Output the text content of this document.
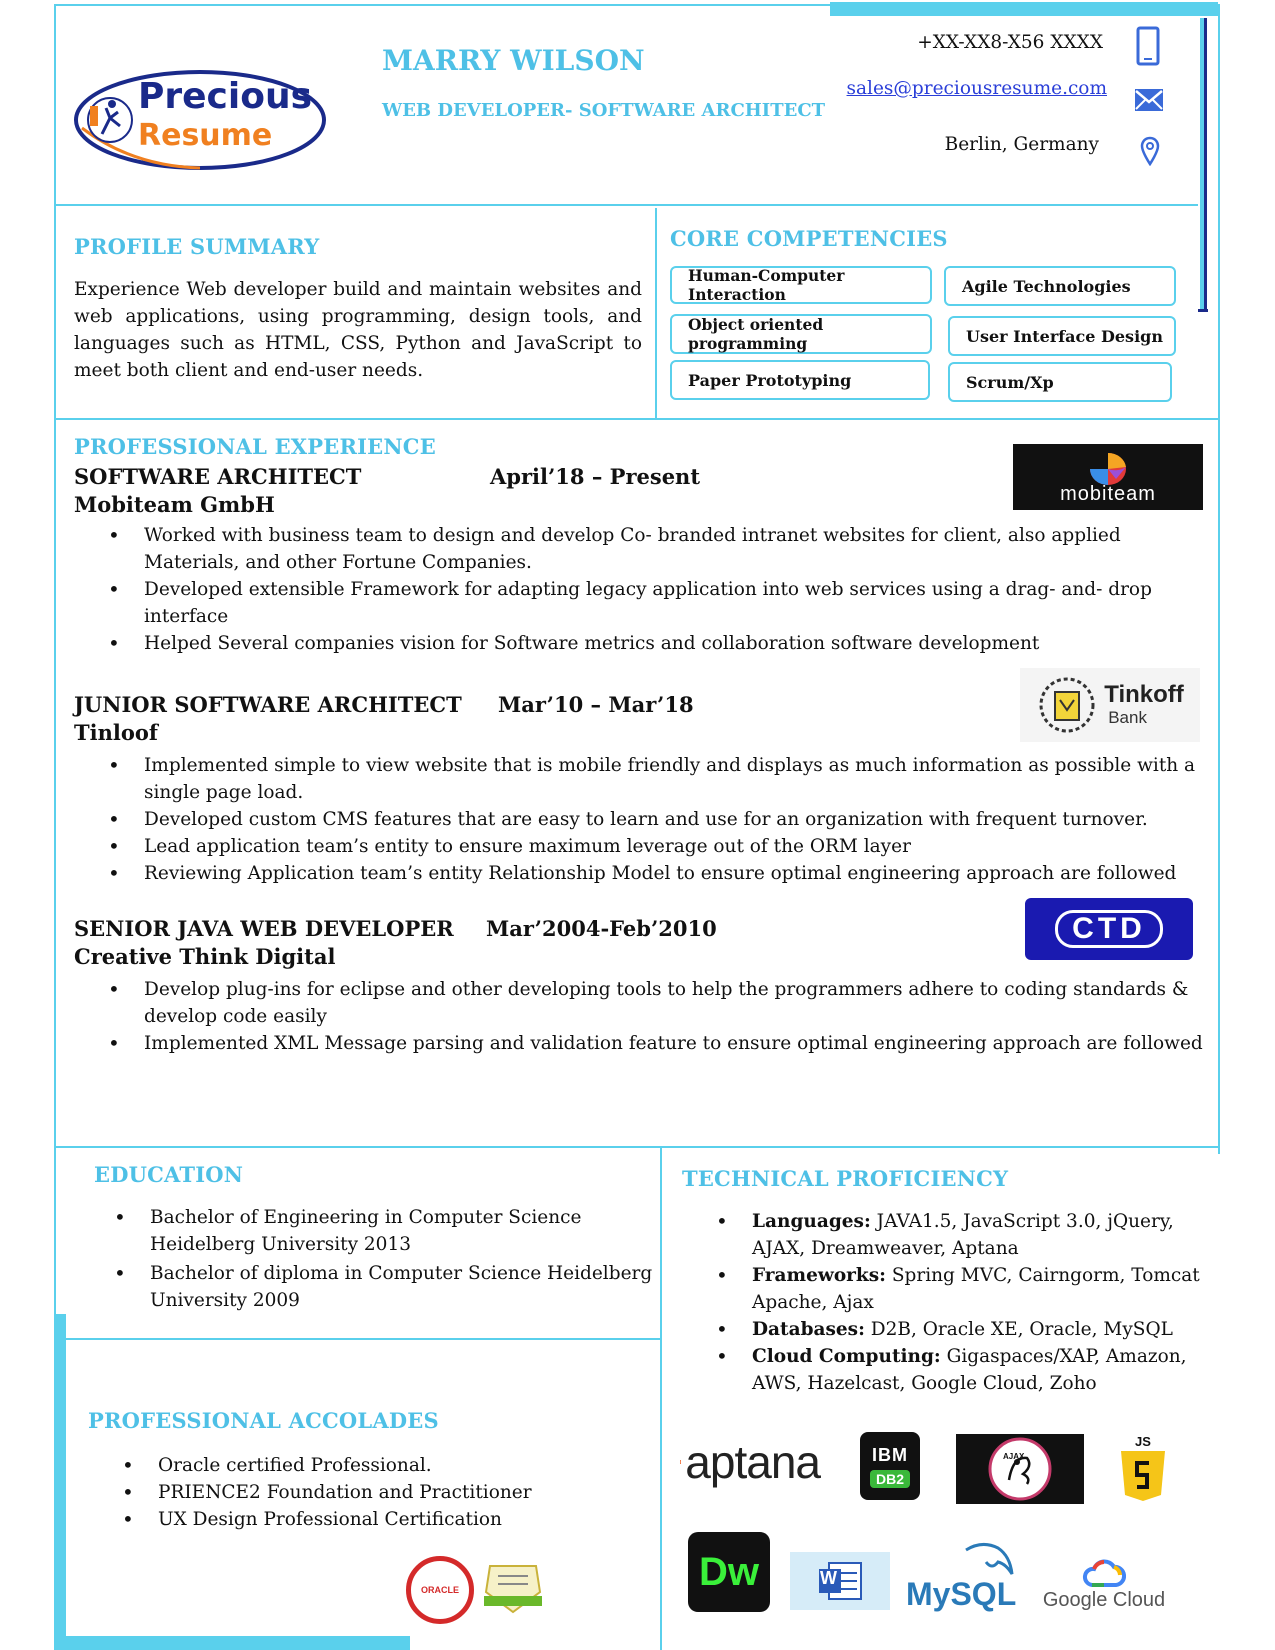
Precious
Resume
MARRY WILSON
WEB DEVELOPER- SOFTWARE ARCHITECT
+XX-XX8-X56 XXXX
sales@preciousresume.com
Berlin, Germany
PROFILE SUMMARY
Experience Web developer build and maintain websites and web applications, using programming, design tools, and languages such as HTML, CSS, Python and JavaScript to meet both client and end-user needs.
CORE COMPETENCIES
Human-Computer Interaction	Agile Technologies
Object oriented programming	User Interface Design
Paper Prototyping	Scrum/Xp
PROFESSIONAL EXPERIENCE
SOFTWARE ARCHITECT	April’18 – Present
Mobiteam GmbH	mobiteam
• Worked with business team to design and develop Co- branded intranet websites for client, also applied Materials, and other Fortune Companies.
• Developed extensible Framework for adapting legacy application into web services using a drag- and- drop interface
• Helped Several companies vision for Software metrics and collaboration software development
JUNIOR SOFTWARE ARCHITECT Mar’10 – Mar’18
Tinloof
Tinkoff
Bank
• Implemented simple to view website that is mobile friendly and displays as much information as possible with a single page load.
• Developed custom CMS features that are easy to learn and use for an organization with frequent turnover.
• Lead application team’s entity to ensure maximum leverage out of the ORM layer
• Reviewing Application team’s entity Relationship Model to ensure optimal engineering approach are followed
SENIOR JAVA WEB DEVELOPER Mar’2004-Feb’2010
Creative Think Digital
CTD
• Develop plug-ins for eclipse and other developing tools to help the programmers adhere to coding standards & develop code easily
• Implemented XML Message parsing and validation feature to ensure optimal engineering approach are followed
EDUCATION
• Bachelor of Engineering in Computer Science
Heidelberg University 2013
• Bachelor of diploma in Computer Science Heidelberg
University 2009
PROFESSIONAL ACCOLADES
• Oracle certified Professional.
• PRIENCE2 Foundation and Practitioner
• UX Design Professional Certification
ORACLE
TECHNICAL PROFICIENCY
• Languages: JAVA1.5, JavaScript 3.0, jQuery, AJAX, Dreamweaver, Aptana
• Frameworks: Spring MVC, Cairngorm, Tomcat Apache, Ajax
• Databases: D2B, Oracle XE, Oracle, MySQL
• Cloud Computing: Gigaspaces/XAP, Amazon, AWS, Hazelcast, Google Cloud, Zoho
aptana	IBM
DB2
AJAX
JS
Dw	W MySQL Google Cloud
